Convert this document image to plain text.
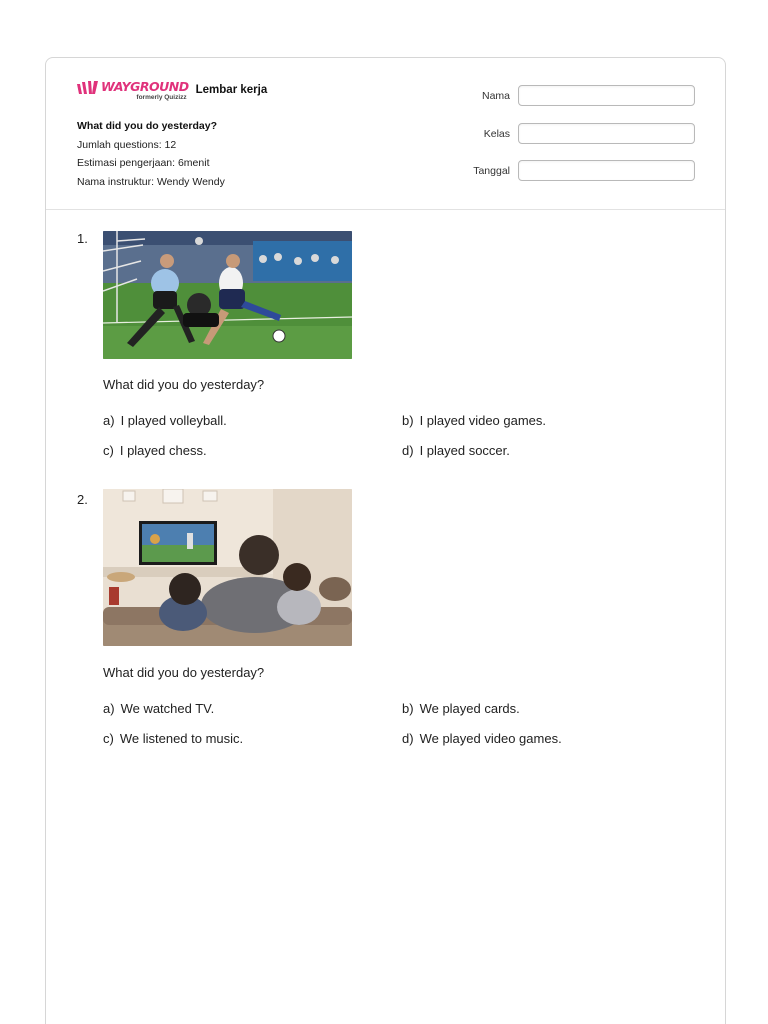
WAYGROUND
formerly Quizizz
Lembar kerja
What did you do yesterday?
Jumlah questions: 12
Estimasi pengerjaan: 6menit
Nama instruktur: Wendy Wendy
Nama
Kelas
Tanggal
1.
What did you do yesterday?
a) I played volleyball.	b) I played video games.
c) I played chess.	d) I played soccer.
2.
What did you do yesterday?
a) We watched TV.	b) We played cards.
c) We listened to music.	d) We played video games.
